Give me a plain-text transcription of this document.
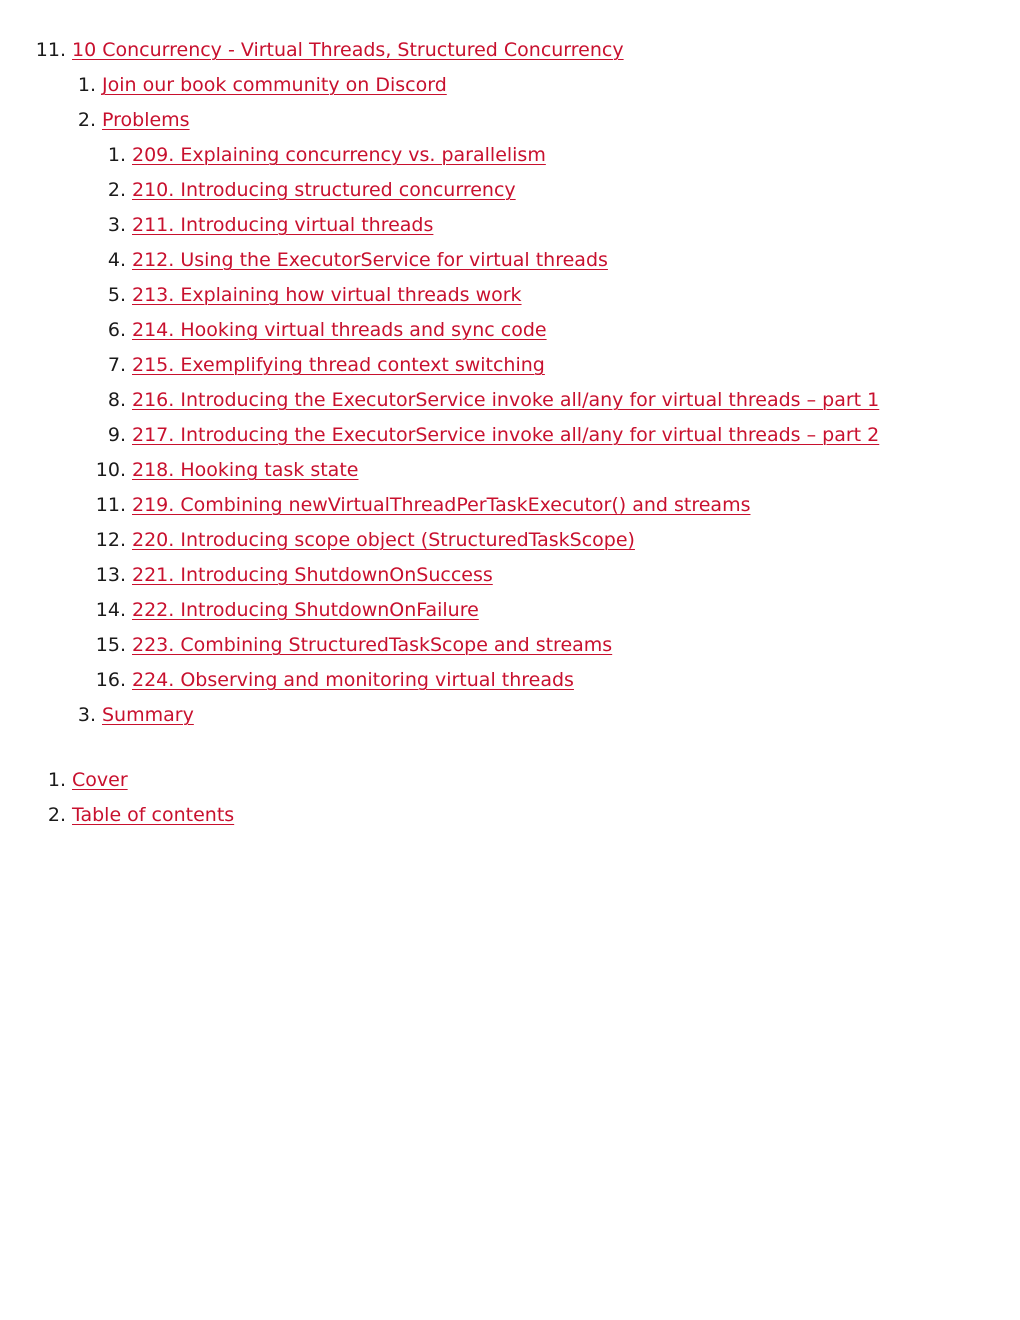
11. 10 Concurrency - Virtual Threads, Structured Concurrency
1. Join our book community on Discord
2. Problems
1. 209. Explaining concurrency vs. parallelism
2. 210. Introducing structured concurrency
3. 211. Introducing virtual threads
4. 212. Using the ExecutorService for virtual threads
5. 213. Explaining how virtual threads work
6. 214. Hooking virtual threads and sync code
7. 215. Exemplifying thread context switching
8. 216. Introducing the ExecutorService invoke all/any for virtual threads – part 1
9. 217. Introducing the ExecutorService invoke all/any for virtual threads – part 2
10. 218. Hooking task state
11. 219. Combining newVirtualThreadPerTaskExecutor() and streams
12. 220. Introducing scope object (StructuredTaskScope)
13. 221. Introducing ShutdownOnSuccess
14. 222. Introducing ShutdownOnFailure
15. 223. Combining StructuredTaskScope and streams
16. 224. Observing and monitoring virtual threads
3. Summary
1. Cover
2. Table of contents
